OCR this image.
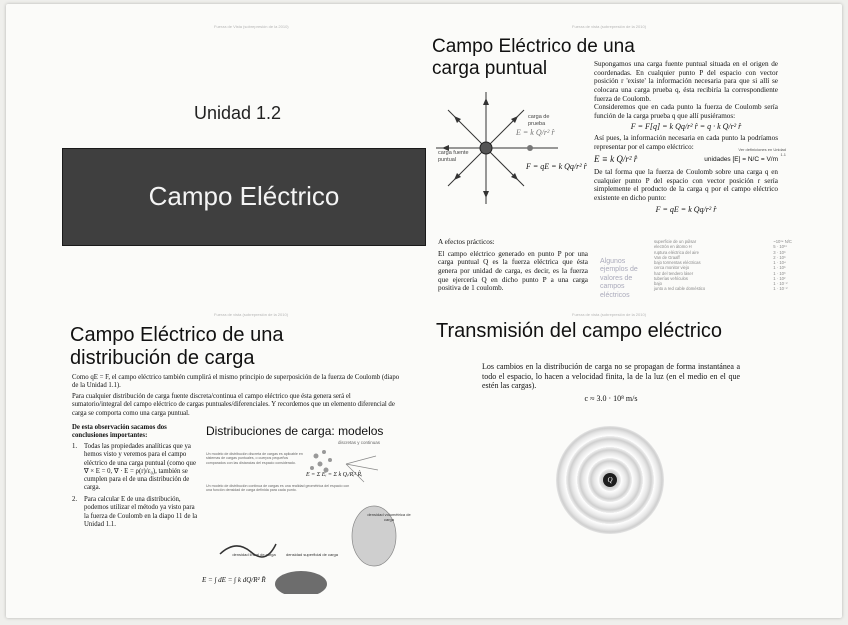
Fuerza de Vista (sobrepresión de la 2010)	Fuerza de vista (sobrepresión de la 2010)
Fuerza de vista (sobrepresión de la 2010)	Fuerza de vista (sobrepresión de la 2010)
Unidad 1.2
Campo Eléctrico
Campo Eléctrico de una
carga puntual
carga de prueba
carga fuente puntual
E = k Q/r² r̂
F = qE = k Qq/r² r̂
Supongamos una carga fuente puntual situada en el origen de coordenadas. En cualquier punto P del espacio con vector posición r 'existe' la información necesaria para que si allí se colocara una carga prueba q, ésta recibiría la correspondiente fuerza de Coulomb.
Consideremos que en cada punto la fuerza de Coulomb sería función de la carga prueba q que allí pusiéramos:
F = F[q] = k Qq/r² r̂ = q · k Q/r² r̂
Así pues, la información necesaria en cada punto la podríamos representar por el campo eléctrico:
E ≡ k Q/r² r̂	unidades [E] = N/C = V/m
De tal forma que la fuerza de Coulomb sobre una carga q en cualquier punto P del espacio con vector posición r sería simplemente el producto de la carga q por el campo eléctrico existente en dicho punto:
F = qE = k Qq/r² r̂
Ver definiciones en Unidad 1.1
A efectos prácticos:
El campo eléctrico generado en punto P por una carga puntual Q es la fuerza eléctrica que ésta genera por unidad de carga, es decir, es la fuerza que ejercería Q en dicho punto P a una carga positiva de 1 coulomb.
Algunos ejemplos de valores de campos eléctricos
superficie de un púlsar	~10¹⁴ N/C
electrón en átomo H	5 · 10¹¹
ruptura eléctrica del aire	3 · 10⁶
Van de Graaff	2 · 10⁶
bajo tormentas eléctricas	1 · 10⁴
cerca monitor viejo	1 · 10⁵
haz del tendero láser	1 · 10³
tuberías vehículos	1 · 10²
bajo	1 · 10⁻²
junto a red cable doméstico	1 · 10⁻²
Campo Eléctrico de una
distribución de carga
Como qE = F, el campo eléctrico también cumplirá el mismo principio de superposición de la fuerza de Coulomb (diapo de la Unidad 1.1).
Para cualquier distribución de carga fuente discreta/continua el campo eléctrico que ésta genera será el sumatorio/integral del campo eléctrico de cargas puntuales/diferenciales. Y recordemos que un elemento diferencial de carga se comporta como una carga puntual.
De esta observación sacamos dos conclusiones importantes:
1.	Todas las propiedades analíticas que ya hemos visto y veremos para el campo eléctrico de una carga puntual (como que ∇ × E = 0, ∇ · E = ρ(r)/ε₀), también se cumplen para el de una distribución de carga.
2.	Para calcular E de una distribución, podemos utilizar el método ya visto para la fuerza de Coulomb en la diapo 11 de la Unidad 1.1.
Distribuciones de carga: modelos
discretas y continuas
Un modelo de distribución discreta de cargas es aplicable en sistemas de cargas puntuales, o cuerpos pequeños comparados con las distancias del espacio considerado.
Un modelo de distribución continua de cargas es una realidad geométrica del espacio con una función densidad de carga definida para cada punto.
densidad lineal de carga	densidad superficial de carga
densidad volumétrica de carga
E = Σ Eᵢ = Σ k Qᵢ/Rᵢ² R̂ᵢ
E = ∫ dE = ∫ k dQ/R² R̂
Transmisión del campo eléctrico
Los cambios en la distribución de carga no se propagan de forma instantánea a todo el espacio, lo hacen a velocidad finita, la de la luz (en el medio en el que estén las cargas).
c ≈ 3.0 · 10⁸ m/s
Q
